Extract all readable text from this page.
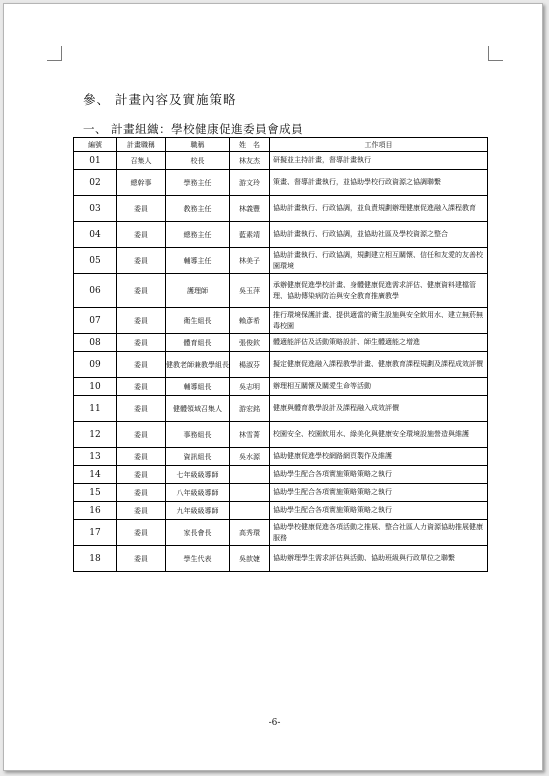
參、 計畫內容及實施策略
一、 計畫組織：學校健康促進委員會成員
編號	計畫職稱	職稱	姓　名	工作項目
01	召集人	校長	林友杰	研擬並主持計畫，督導計畫執行
02	總幹事	學務主任	游文玲	策畫、督導計畫執行，並協助學校行政資源之協調聯繫
03	委員	教務主任	林義豐	協助計畫執行、行政協調，並負責規劃辦理健康促進融入課程教育
04	委員	總務主任	藍素靖	協助計畫執行、行政協調，並協助社區及學校資源之整合
05	委員	輔導主任	林美子	協助計畫執行、行政協調，規劃建立相互關懷、信任和友愛的友善校園環境
06	委員	護理師	吳玉萍	承辦健康促進學校計畫、身體健康促進需求評估、健康資料建檔管理、協助傳染病防治與安全教育推廣教學
07	委員	衛生組長	賴彥希	推行環境保護計畫、提供適當的衛生設施與安全飲用水、建立無菸無毒校園
08	委員	體育組長	張俊欽	體適能評估及活動策略設計、師生體適能之增進
09	委員	健教老師兼教學組長	楊淑芬	擬定健康促進融入課程教學計畫、健康教育課程規劃及課程成效評價
10	委員	輔導組長	吳志明	辦理相互關懷及關愛生命等活動
11	委員	健體領域召集人	游宏銘	健康與體育教學設計及課程融入成效評價
12	委員	事務組長	林雪菁	校園安全、校園飲用水、綠美化與健康安全環境設施營造與維護
13	委員	資訊組長	吳水源	協助健康促進學校網路網頁製作及維護
14	委員	七年級級導師		協助學生配合各項實施策略策略之執行
15	委員	八年級級導師		協助學生配合各項實施策略策略之執行
16	委員	九年級級導師		協助學生配合各項實施策略策略之執行
17	委員	家長會長	高秀環	協助學校健康促進各項活動之推展、整合社區人力資源協助推展健康服務
18	委員	學生代表	吳歆婕	協助辦理學生需求評估與活動、協助班級與行政單位之聯繫
-6-
